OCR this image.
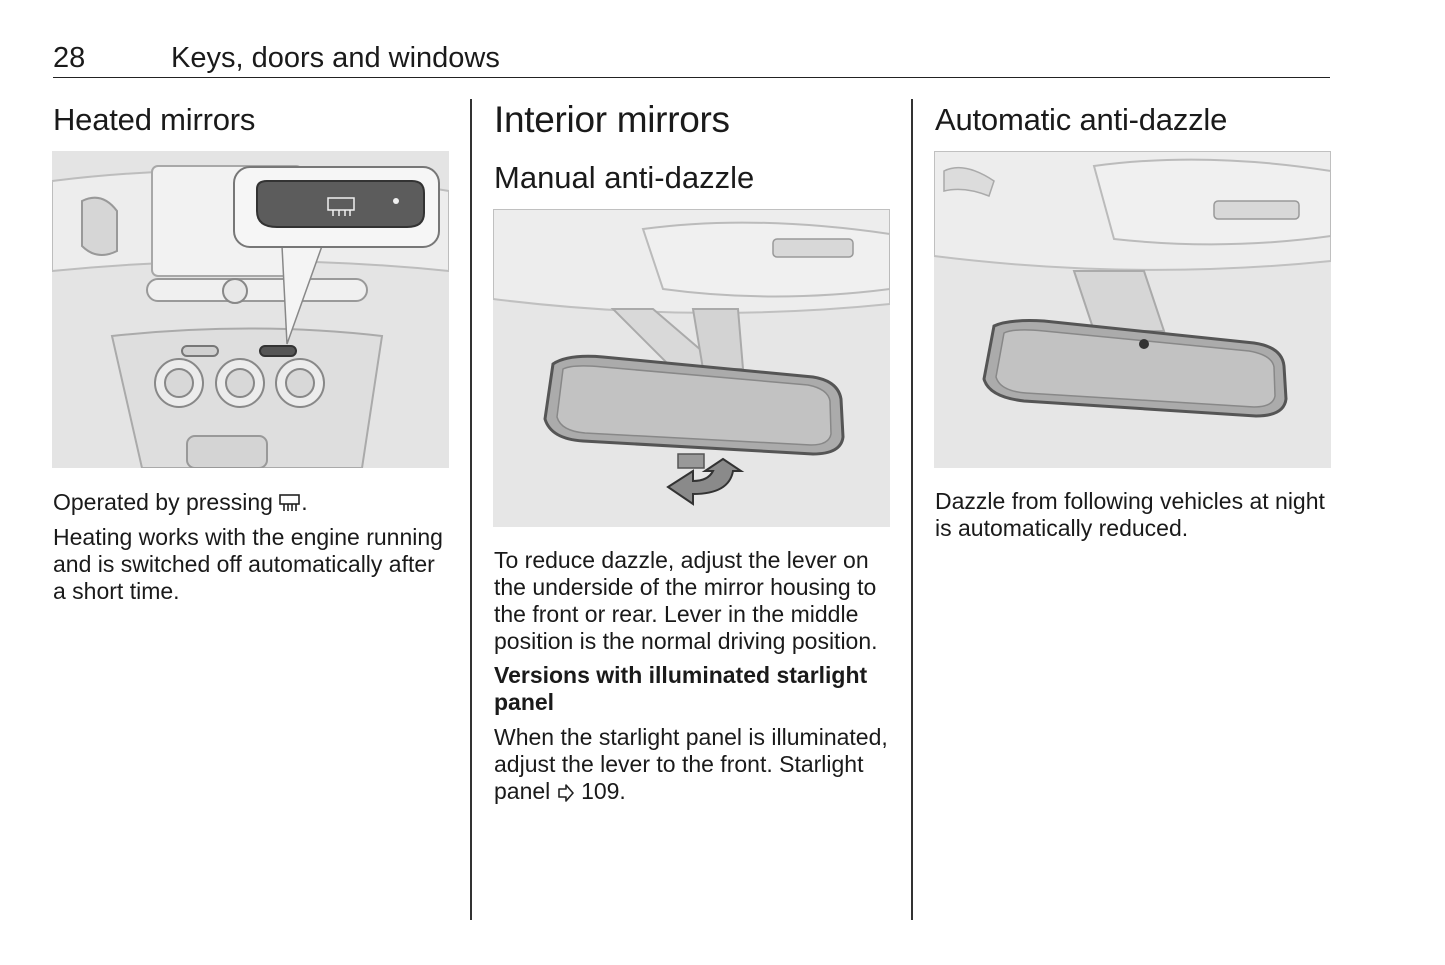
28	Keys, doors and windows
Heated mirrors

Operated by pressing .

Heating works with the engine running and is switched off automatically after a short time.

Interior mirrors
Manual anti-dazzle

To reduce dazzle, adjust the lever on the underside of the mirror housing to the front or rear. Lever in the middle position is the normal driving position.

Versions with illuminated starlight panel

When the starlight panel is illuminated, adjust the lever to the front. Starlight panel 109.

Automatic anti-dazzle

Dazzle from following vehicles at night is automatically reduced.
